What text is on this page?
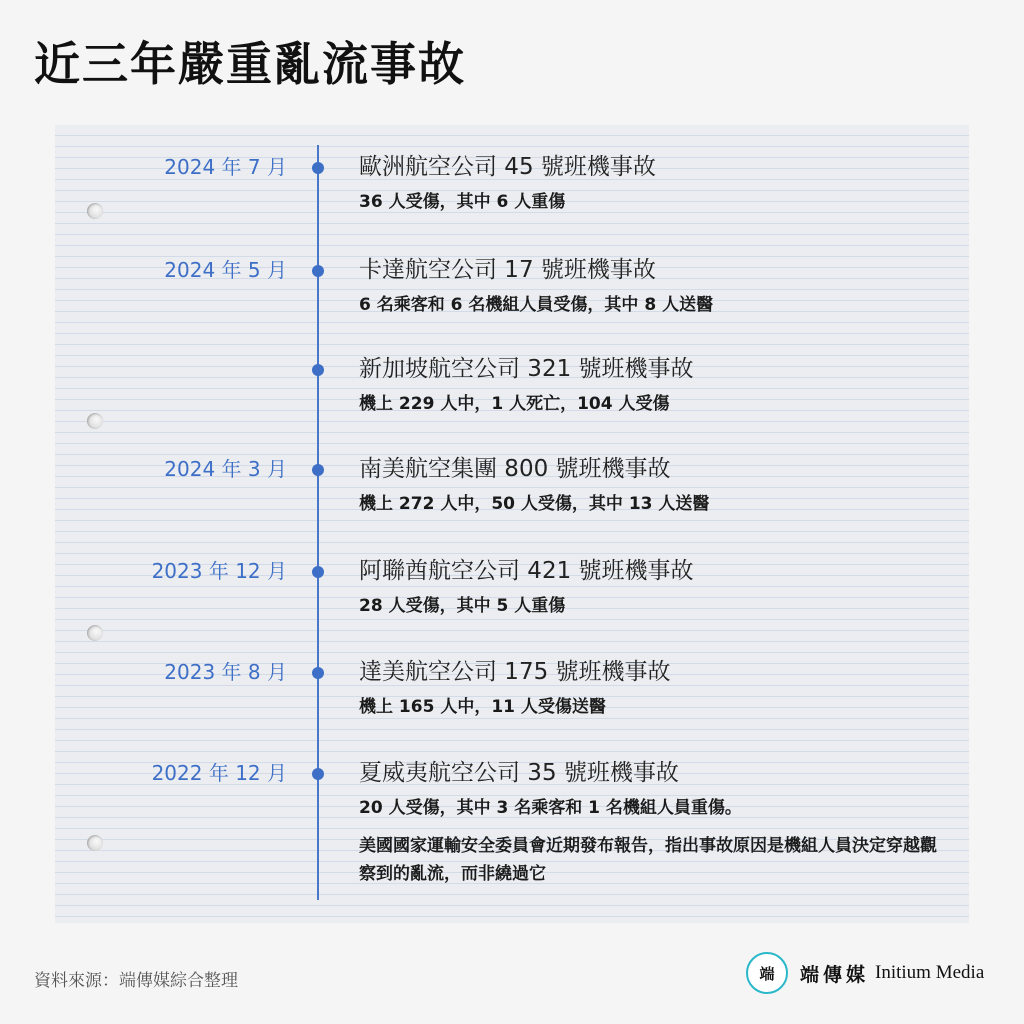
近三年嚴重亂流事故
2024 年 7 月	歐洲航空公司 45 號班機事故
36 人受傷，其中 6 人重傷
2024 年 5 月	卡達航空公司 17 號班機事故
6 名乘客和 6 名機組人員受傷，其中 8 人送醫
新加坡航空公司 321 號班機事故
機上 229 人中，1 人死亡，104 人受傷
2024 年 3 月	南美航空集團 800 號班機事故
機上 272 人中，50 人受傷，其中 13 人送醫
2023 年 12 月	阿聯酋航空公司 421 號班機事故
28 人受傷，其中 5 人重傷
2023 年 8 月	達美航空公司 175 號班機事故
機上 165 人中，11 人受傷送醫
2022 年 12 月	夏威夷航空公司 35 號班機事故
20 人受傷，其中 3 名乘客和 1 名機組人員重傷。
美國國家運輸安全委員會近期發布報告，指出事故原因是機組人員決定穿越觀察到的亂流，而非繞過它
資料來源：端傳媒綜合整理	端 端傳媒 Initium Media
